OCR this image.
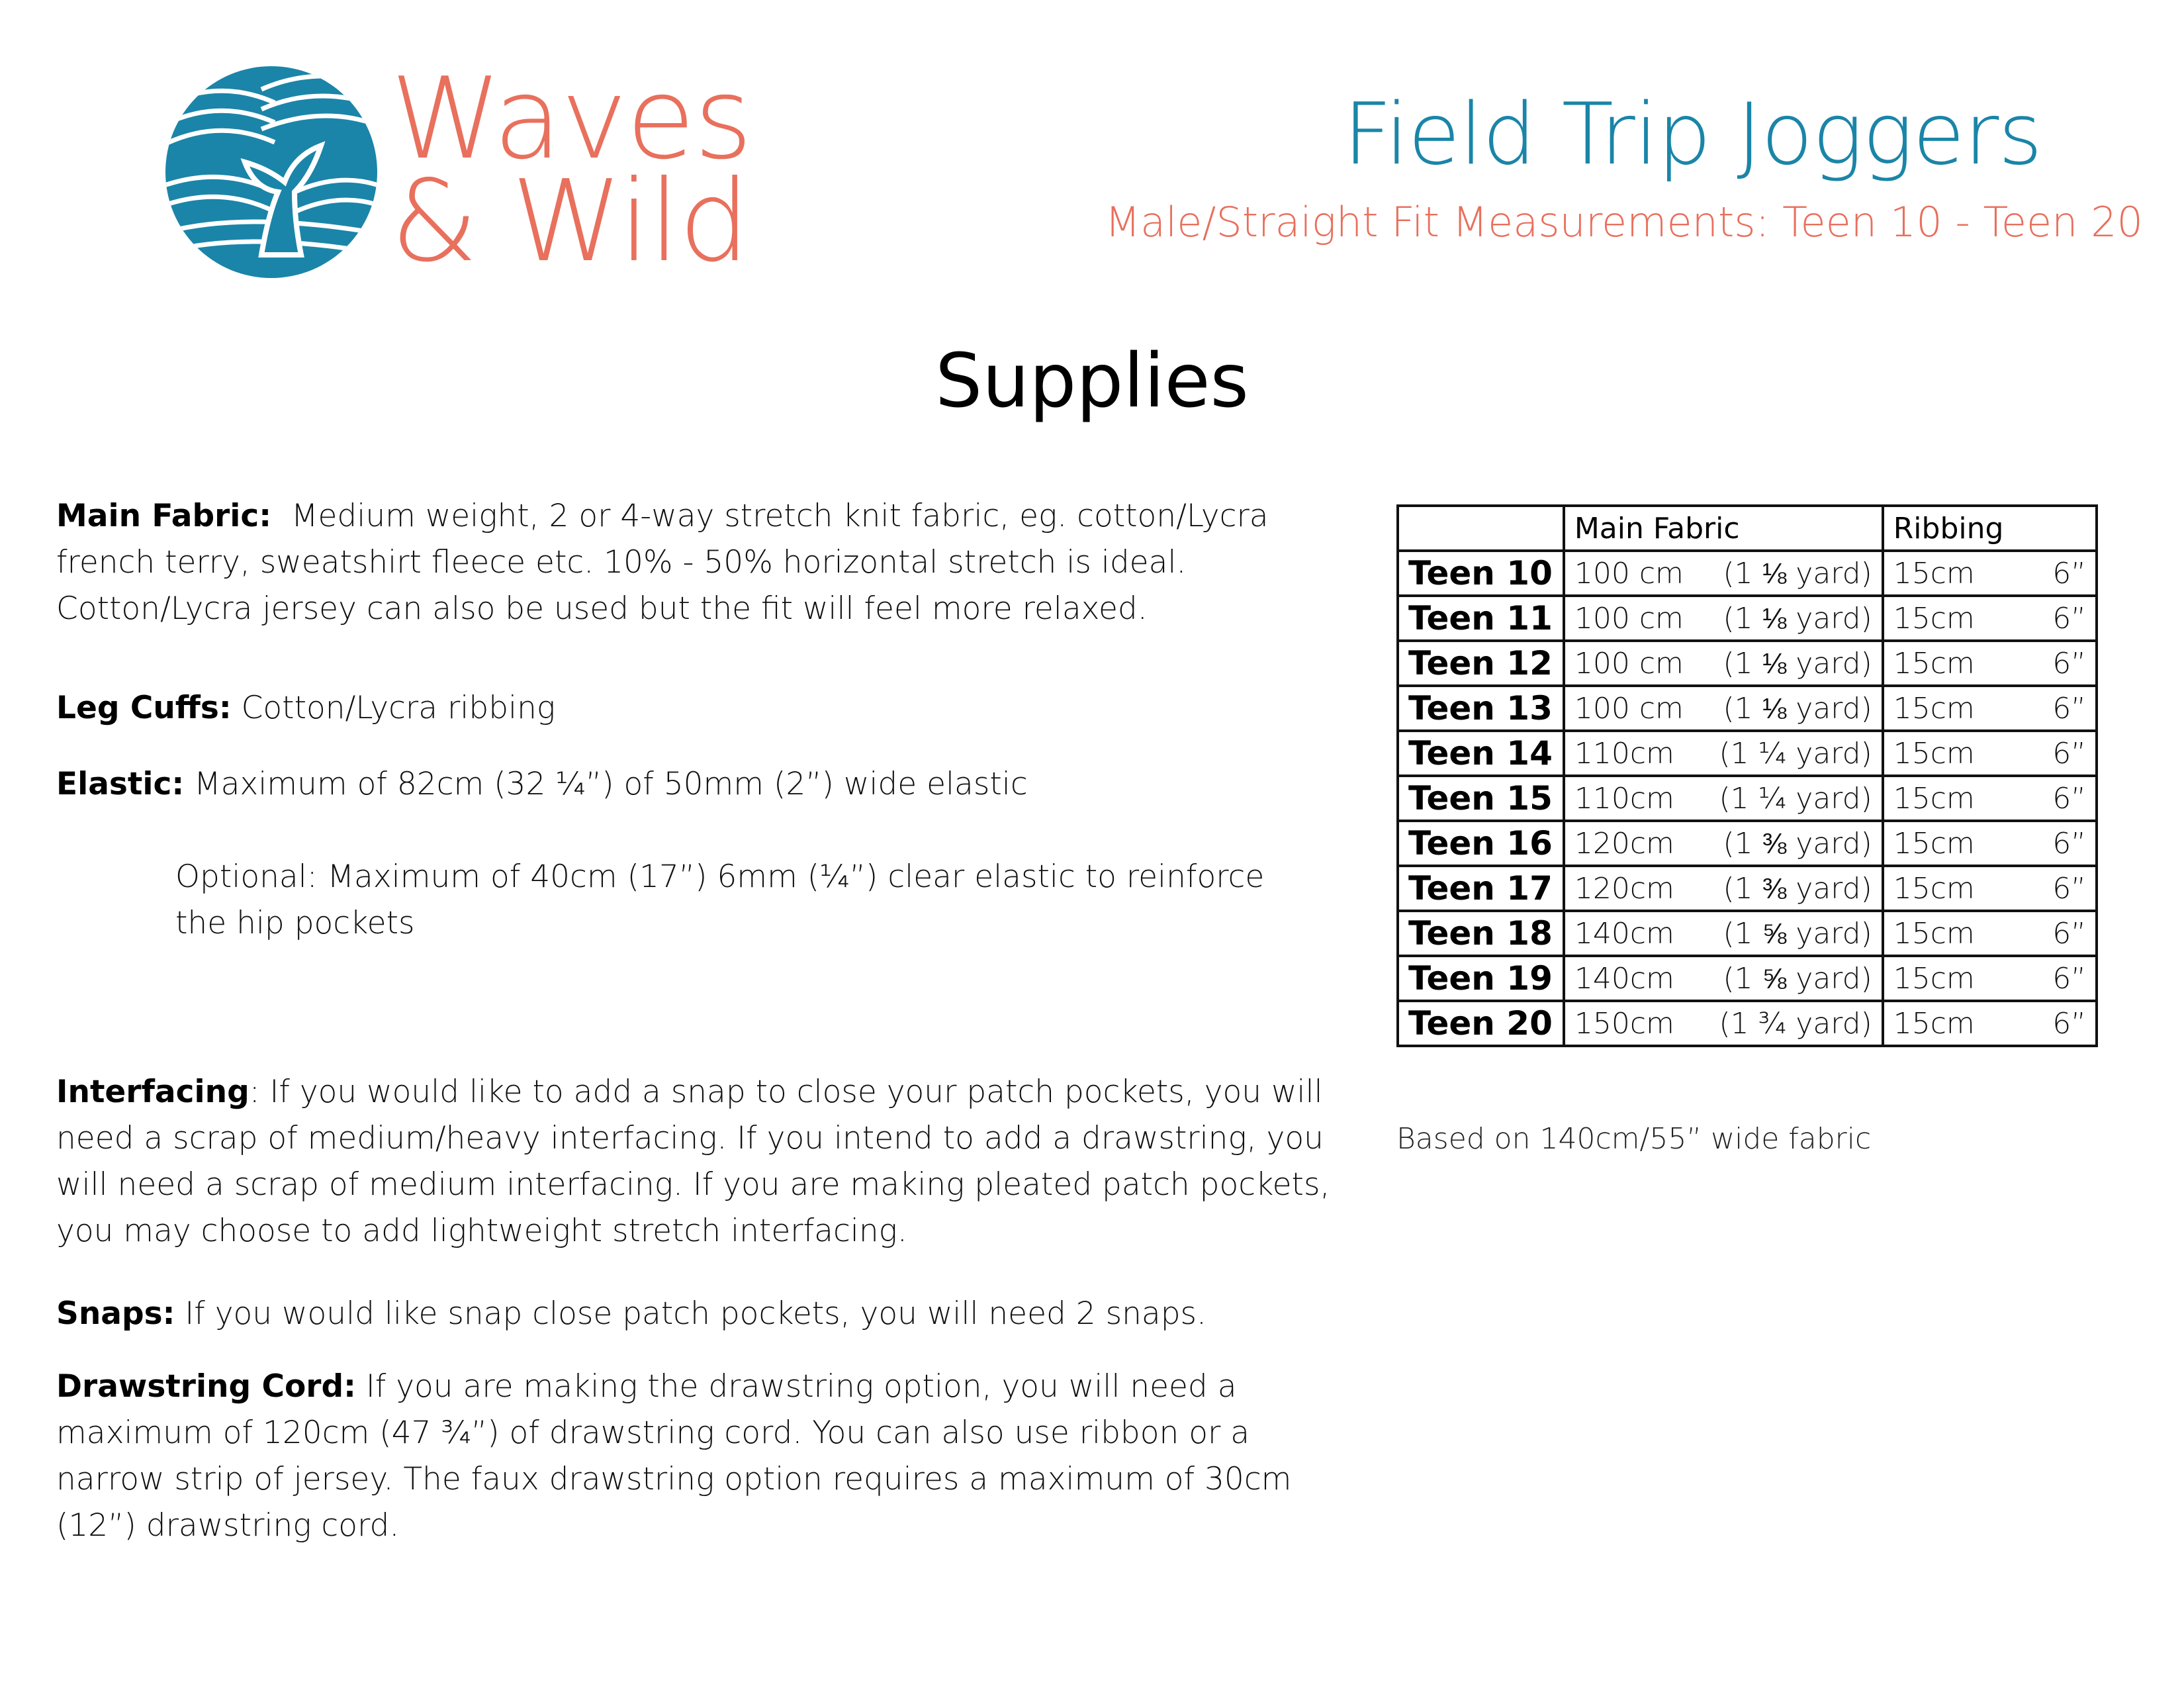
Waves
& Wild
Field Trip Joggers
Male/Straight Fit Measurements: Teen 10 - Teen 20
Supplies
Main Fabric:  Medium weight, 2 or 4-way stretch knit fabric, eg. cotton/Lycra french terry, sweatshirt fleece etc. 10% - 50% horizontal stretch is ideal. Cotton/Lycra jersey can also be used but the fit will feel more relaxed.
Leg Cuffs: Cotton/Lycra ribbing
Elastic: Maximum of 82cm (32 ¼”) of 50mm (2”) wide elastic
Optional: Maximum of 40cm (17”) 6mm (¼”) clear elastic to reinforce the hip pockets
Interfacing: If you would like to add a snap to close your patch pockets, you will need a scrap of medium/heavy interfacing. If you intend to add a drawstring, you will need a scrap of medium interfacing. If you are making pleated patch pockets, you may choose to add lightweight stretch interfacing.
Snaps: If you would like snap close patch pockets, you will need 2 snaps.
Drawstring Cord: If you are making the drawstring option, you will need a maximum of 120cm (47 ¾”) of drawstring cord. You can also use ribbon or a narrow strip of jersey. The faux drawstring option requires a maximum of 30cm (12”) drawstring cord.
	Main Fabric	Ribbing
Teen 10	100 cm (1 ⅛ yard)	15cm 6”

Teen 11	100 cm (1 ⅛ yard)	15cm 6”

Teen 12	100 cm (1 ⅛ yard)	15cm 6”

Teen 13	100 cm (1 ⅛ yard)	15cm 6”

Teen 14	110cm (1 ¼ yard)	15cm 6”

Teen 15	110cm (1 ¼ yard)	15cm 6”

Teen 16	120cm (1 ⅜ yard)	15cm 6”

Teen 17	120cm (1 ⅜ yard)	15cm 6”

Teen 18	140cm (1 ⅝ yard)	15cm 6”

Teen 19	140cm (1 ⅝ yard)	15cm 6”

Teen 20	150cm (1 ¾ yard)	15cm 6”
Based on 140cm/55” wide fabric
